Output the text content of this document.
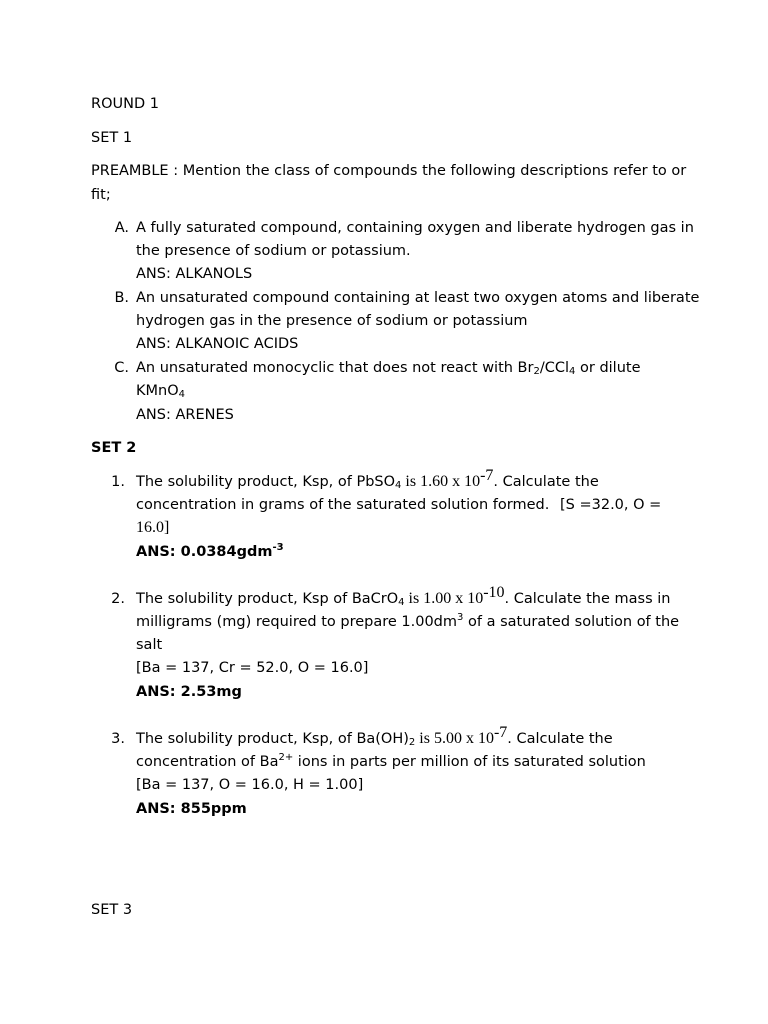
ROUND 1
SET 1
PREAMBLE : Mention the class of compounds the following descriptions refer to or
fit;
A. A fully saturated compound, containing oxygen and liberate hydrogen gas in
the presence of sodium or potassium.
ANS: ALKANOLS
B. An unsaturated compound containing at least two oxygen atoms and liberate
hydrogen gas in the presence of sodium or potassium
ANS: ALKANOIC ACIDS
C. An unsaturated monocyclic that does not react with $Br_2/CCl_4$ or dilute
KMnO$_4$
ANS: ARENES
SET 2
1. The solubility product, Ksp, of PbSO$_4$ is 1.60 x $10^{-7}$. Calculate the
concentration in grams of the saturated solution formed. [S =32.0, O =
16.0]
ANS: 0.0384gdm$^{-3}$
2. The solubility product, Ksp of BaCrO$_4$ is 1.00 x $10^{-10}$. Calculate the mass in
milligrams (mg) required to prepare $1.00dm^3$ of a saturated solution of the
salt
[Ba = 137, Cr = 52.0, O = 16.0]
ANS: 2.53mg
3. The solubility product, Ksp, of $Ba(OH)_2$ is 5.00 x $10^{-7}$. Calculate the
concentration of $Ba^{2+}$ ions in parts per million of its saturated solution
[Ba = 137, O = 16.0, H = 1.00]
ANS: 855ppm
SET 3
